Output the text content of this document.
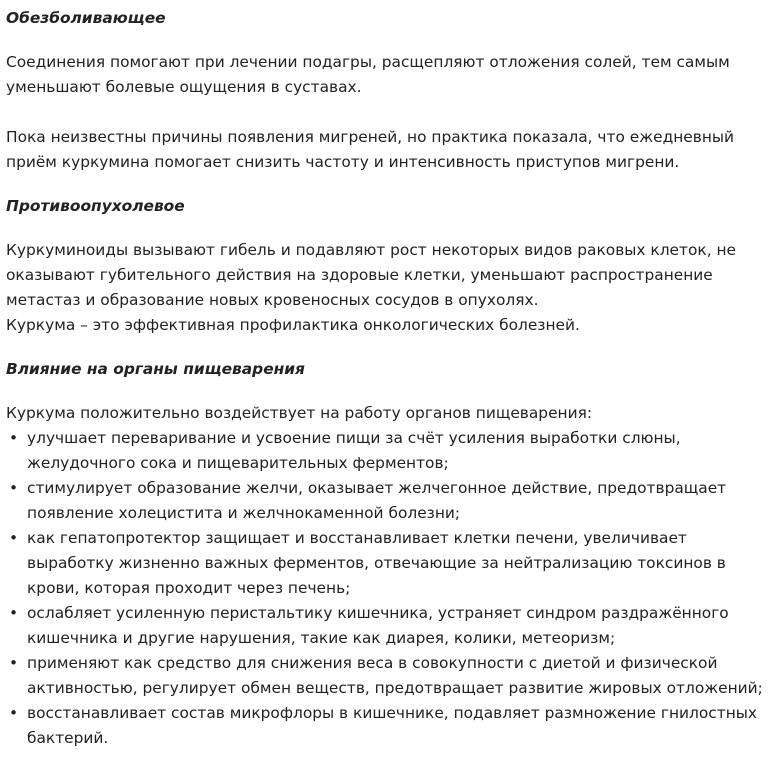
Обезболивающее

Соединения помогают при лечении подагры, расщепляют отложения солей, тем самым уменьшают болевые ощущения в суставах.

Пока неизвестны причины появления мигреней, но практика показала, что ежедневный приём куркумина помогает снизить частоту и интенсивность приступов мигрени.

Противоопухолевое

Куркуминоиды вызывают гибель и подавляют рост некоторых видов раковых клеток, не оказывают губительного действия на здоровые клетки, уменьшают распространение метастаз и образование новых кровеносных сосудов в опухолях.

Куркума – это эффективная профилактика онкологических болезней.

Влияние на органы пищеварения

Куркума положительно воздействует на работу органов пищеварения:

• улучшает переваривание и усвоение пищи за счёт усиления выработки слюны, желудочного сока и пищеварительных ферментов;
• стимулирует образование желчи, оказывает желчегонное действие, предотвращает появление холецистита и желчнокаменной болезни;
• как гепатопротектор защищает и восстанавливает клетки печени, увеличивает выработку жизненно важных ферментов, отвечающие за нейтрализацию токсинов в крови, которая проходит через печень;
• ослабляет усиленную перистальтику кишечника, устраняет синдром раздражённого кишечника и другие нарушения, такие как диарея, колики, метеоризм;
• применяют как средство для снижения веса в совокупности с диетой и физической активностью, регулирует обмен веществ, предотвращает развитие жировых отложений;
• восстанавливает состав микрофлоры в кишечнике, подавляет размножение гнилостных бактерий.
